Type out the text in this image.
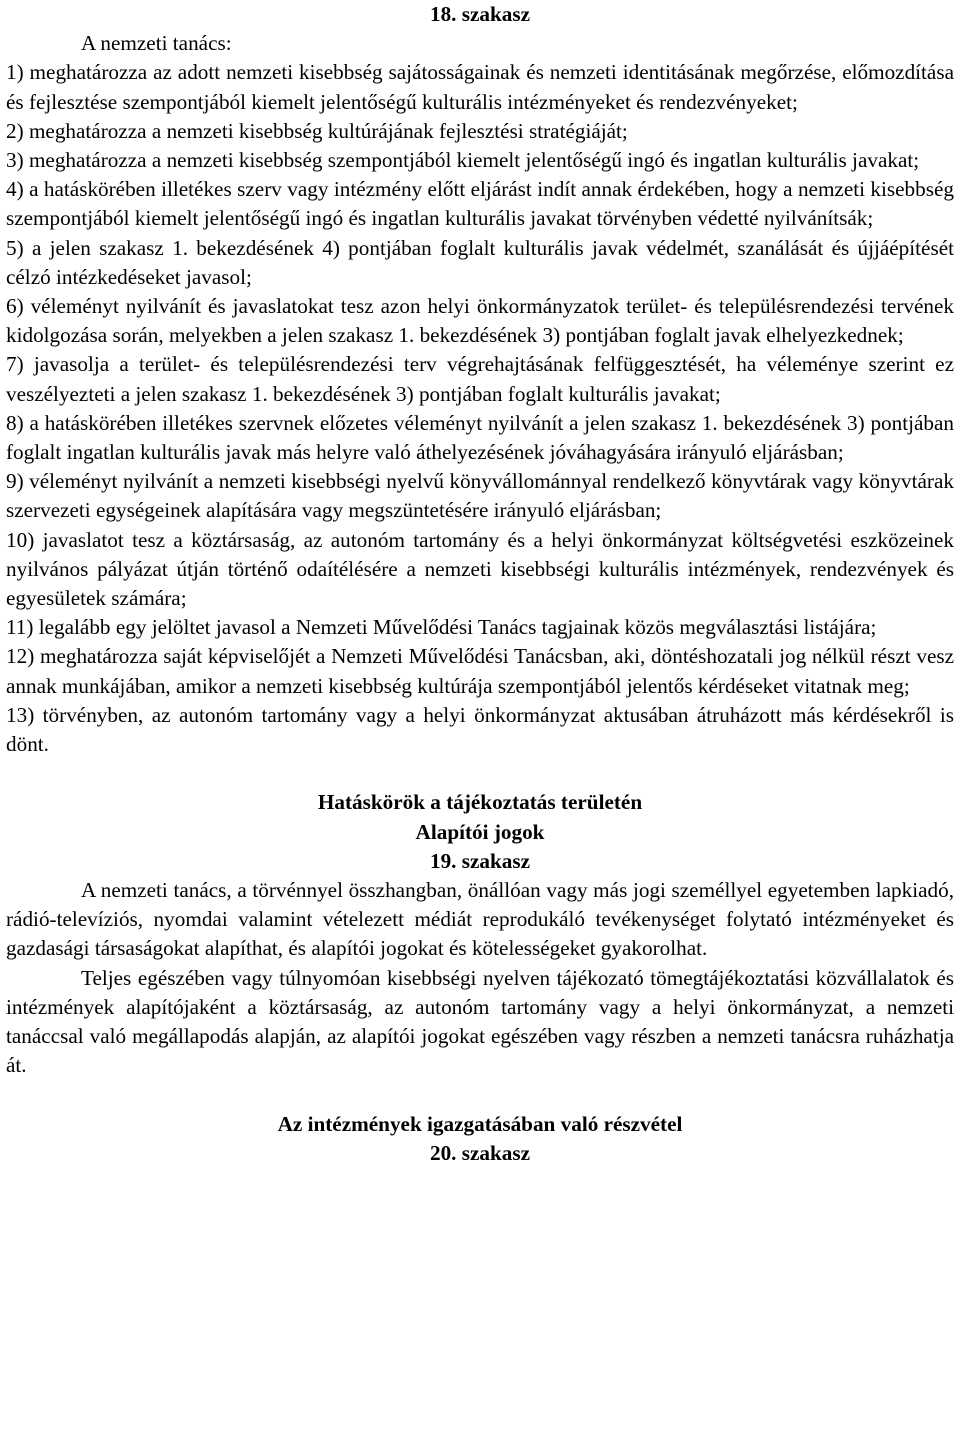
18. szakasz

A nemzeti tanács:

1) meghatározza az adott nemzeti kisebbség sajátosságainak és nemzeti identitásának megőrzése, előmozdítása és fejlesztése szempontjából kiemelt jelentőségű kulturális intézményeket és rendezvényeket;

2) meghatározza a nemzeti kisebbség kultúrájának fejlesztési stratégiáját;

3) meghatározza a nemzeti kisebbség szempontjából kiemelt jelentőségű ingó és ingatlan kulturális javakat;

4) a hatáskörében illetékes szerv vagy intézmény előtt eljárást indít annak érdekében, hogy a nemzeti kisebbség szempontjából kiemelt jelentőségű ingó és ingatlan kulturális javakat törvényben védetté nyilvánítsák;

5) a jelen szakasz 1. bekezdésének 4) pontjában foglalt kulturális javak védelmét, szanálását és újjáépítését célzó intézkedéseket javasol;

6) véleményt nyilvánít és javaslatokat tesz azon helyi önkormányzatok terület- és településrendezési tervének kidolgozása során, melyekben a jelen szakasz 1. bekezdésének 3) pontjában foglalt javak elhelyezkednek;

7) javasolja a terület- és településrendezési terv végrehajtásának felfüggesztését, ha véleménye szerint ez veszélyezteti a jelen szakasz 1. bekezdésének 3) pontjában foglalt kulturális javakat;

8) a hatáskörében illetékes szervnek előzetes véleményt nyilvánít a jelen szakasz 1. bekezdésének 3) pontjában foglalt ingatlan kulturális javak más helyre való áthelyezésének jóváhagyására irányuló eljárásban;

9) véleményt nyilvánít a nemzeti kisebbségi nyelvű könyvállománnyal rendelkező könyvtárak vagy könyvtárak szervezeti egységeinek alapítására vagy megszüntetésére irányuló eljárásban;

10) javaslatot tesz a köztársaság, az autonóm tartomány és a helyi önkormányzat költségvetési eszközeinek nyilvános pályázat útján történő odaítélésére a nemzeti kisebbségi kulturális intézmények, rendezvények és egyesületek számára;

11) legalább egy jelöltet javasol a Nemzeti Művelődési Tanács tagjainak közös megválasztási listájára;

12) meghatározza saját képviselőjét a Nemzeti Művelődési Tanácsban, aki, döntéshozatali jog nélkül részt vesz annak munkájában, amikor a nemzeti kisebbség kultúrája szempontjából jelentős kérdéseket vitatnak meg;

13) törvényben, az autonóm tartomány vagy a helyi önkormányzat aktusában átruházott más kérdésekről is dönt.

Hatáskörök a tájékoztatás területén

Alapítói jogok

19. szakasz

A nemzeti tanács, a törvénnyel összhangban, önállóan vagy más jogi személlyel egyetemben lapkiadó, rádió-televíziós, nyomdai valamint vételezett médiát reprodukáló tevékenységet folytató intézményeket és gazdasági társaságokat alapíthat, és alapítói jogokat és kötelességeket gyakorolhat.

Teljes egészében vagy túlnyomóan kisebbségi nyelven tájékozató tömegtájékoztatási közvállalatok és intézmények alapítójaként a köztársaság, az autonóm tartomány vagy a helyi önkormányzat, a nemzeti tanáccsal való megállapodás alapján, az alapítói jogokat egészében vagy részben a nemzeti tanácsra ruházhatja át.

Az intézmények igazgatásában való részvétel

20. szakasz
